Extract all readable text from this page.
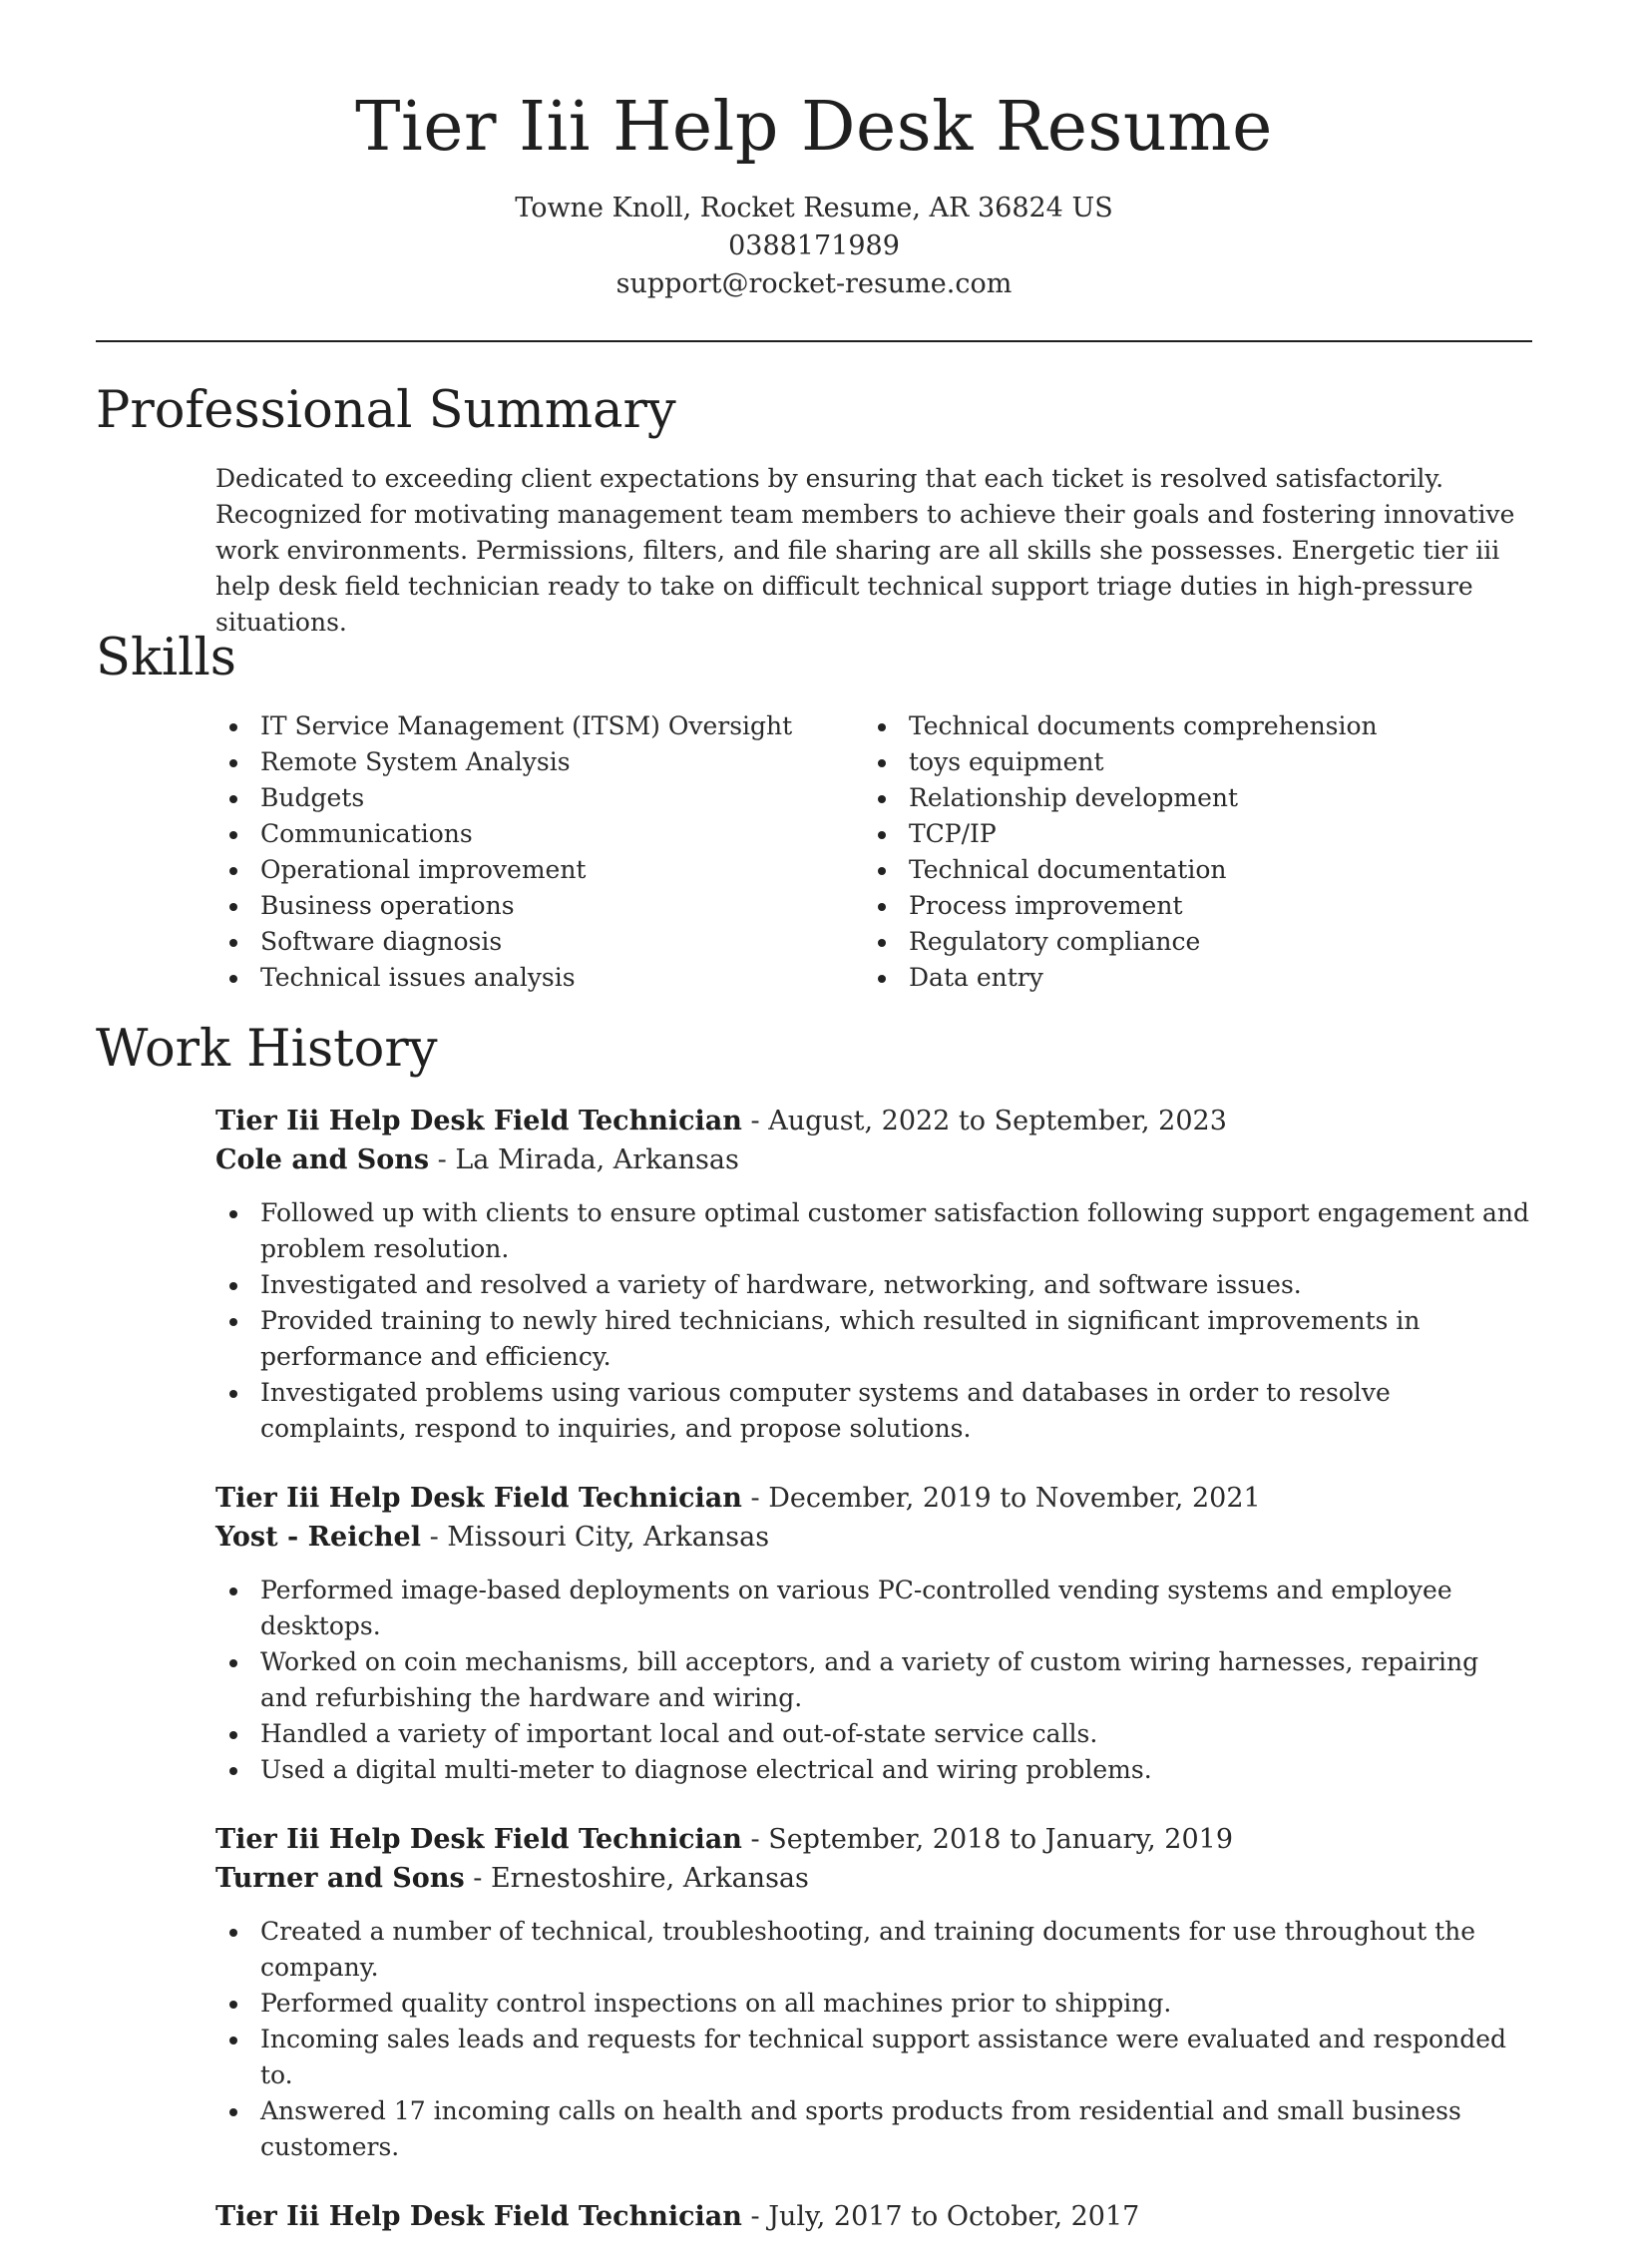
Tier Iii Help Desk Resume
Towne Knoll, Rocket Resume, AR 36824 US
0388171989
support@rocket-resume.com
Professional Summary

Dedicated to exceeding client expectations by ensuring that each ticket is resolved satisfactorily. Recognized for motivating management team members to achieve their goals and fostering innovative work environments. Permissions, filters, and file sharing are all skills she possesses. Energetic tier iii help desk field technician ready to take on difficult technical support triage duties in high-pressure situations.

Skills
IT Service Management (ITSM) Oversight
Remote System Analysis
Budgets
Communications
Operational improvement
Business operations
Software diagnosis
Technical issues analysis
Technical documents comprehension
toys equipment
Relationship development
TCP/IP
Technical documentation
Process improvement
Regulatory compliance
Data entry
Work History
Tier Iii Help Desk Field Technician - August, 2022 to September, 2023
Cole and Sons - La Mirada, Arkansas
Followed up with clients to ensure optimal customer satisfaction following support engagement and problem resolution.
Investigated and resolved a variety of hardware, networking, and software issues.
Provided training to newly hired technicians, which resulted in significant improvements in performance and efficiency.
Investigated problems using various computer systems and databases in order to resolve complaints, respond to inquiries, and propose solutions.
Tier Iii Help Desk Field Technician - December, 2019 to November, 2021
Yost - Reichel - Missouri City, Arkansas
Performed image-based deployments on various PC-controlled vending systems and employee desktops.
Worked on coin mechanisms, bill acceptors, and a variety of custom wiring harnesses, repairing and refurbishing the hardware and wiring.
Handled a variety of important local and out-of-state service calls.
Used a digital multi-meter to diagnose electrical and wiring problems.
Tier Iii Help Desk Field Technician - September, 2018 to January, 2019
Turner and Sons - Ernestoshire, Arkansas
Created a number of technical, troubleshooting, and training documents for use throughout the company.
Performed quality control inspections on all machines prior to shipping.
Incoming sales leads and requests for technical support assistance were evaluated and responded to.
Answered 17 incoming calls on health and sports products from residential and small business customers.
Tier Iii Help Desk Field Technician - July, 2017 to October, 2017
